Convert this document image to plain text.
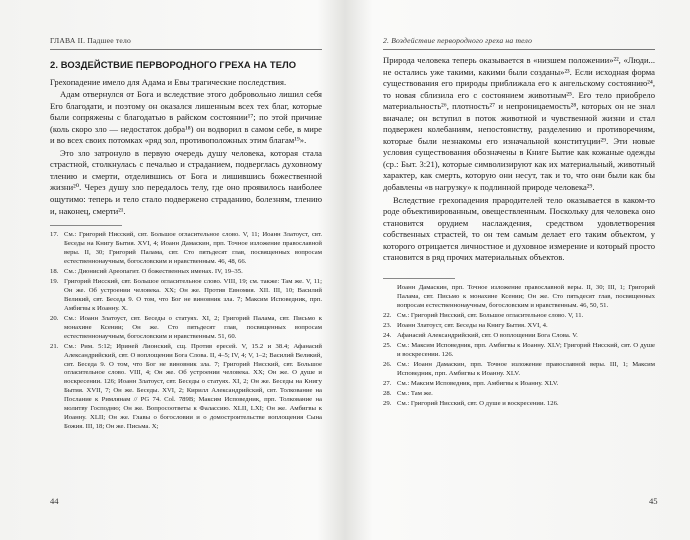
ГЛАВА II. Падшее тело
2. ВОЗДЕЙСТВИЕ ПЕРВОРОДНОГО ГРЕХА НА ТЕЛО

Грехопадение имело для Адама и Евы трагические последствия.

Адам отвернулся от Бога и вследствие этого добровольно лишил себя Его благодати, и поэтому он оказался лишенным всех тех благ, которые были сопряжены с благодатью в райском состоянии¹⁷; по этой причине (коль скоро зло — недостаток добра¹⁸) он водворил в самом себе, в мире и во всех своих потомках «ряд зол, противоположных этим благам¹⁹».

Это зло затронуло в первую очередь душу человека, которая стала страстной, столкнулась с печалью и страданием, подверглась духовному тлению и смерти, отделившись от Бога и лишившись божественной жизни²⁰. Через душу зло передалось телу, где оно проявилось наиболее ощутимо: теперь и тело стало подвержено страданию, болезням, тлению и, наконец, смерти²¹.

17. См.: Григорий Нисский, свт. Большое огласительное слово. V, 11; Иоанн Златоуст, свт. Беседы на Книгу Бытия. XVI, 4; Иоанн Дамаскин, прп. Точное изложение православной веры. II, 30; Григорий Палама, свт. Сто пятьдесят глав, посвященных вопросам естественнонаучным, богословским и нравственным. 46, 48, 66.
18. См.: Дионисий Ареопагит. О божественных именах. IV, 19–35.
19. Григорий Нисский, свт. Большое огласительное слово. VIII, 19; см. также: Там же. V, 11; Он же. Об устроении человека. XX; Он же. Против Евномия. XII. III, 10; Василий Великий, свт. Беседа 9. О том, что Бог не виновник зла. 7; Максим Исповедник, прп. Амбигвы к Иоанну. X.
20. См.: Иоанн Златоуст, свт. Беседы о статуях. XI, 2; Григорий Палама, свт. Письмо к монахине Ксении; Он же. Сто пятьдесят глав, посвященных вопросам естественнонаучным, богословским и нравственным. 51, 60.
21. См.: Рим. 5:12; Ириней Лионский, сщ. Против ересей. V, 15.2 и 38.4; Афанасий Александрийский, свт. О воплощении Бога Слова. II, 4–5; IV, 4; V, 1–2; Василий Великий, свт. Беседа 9. О том, что Бог не виновник зла. 7; Григорий Нисский, свт. Большое огласительное слово. VIII, 4; Он же. Об устроении человека. XX; Он же. О душе и воскресении. 126; Иоанн Златоуст, свт. Беседы о статуях. XI, 2; Он же. Беседы на Книгу Бытия. XVII, 7; Он же. Беседы. XVI, 2; Кирилл Александрийский, свт. Толкование на Послание к Римлянам // PG 74. Col. 789B; Максим Исповедник, прп. Толкование на молитву Господню; Он же. Вопросоответы к Фалассию. XLII, LXI; Он же. Амбигвы к Иоанну. XLII; Он же. Главы о богословии и о домостроительстве воплощения Сына Божия. III, 18; Он же. Письма. X;
44
2. Воздействие первородного греха на тело

Природа человека теперь оказывается в «низшем положении»²², «Люди... не остались уже такими, какими были созданы»²³. Если исходная форма существования его природы приближала его к ангельскому состоянию²⁴, то новая сблизила его с состоянием животным²⁵. Его тело приобрело материальность²⁶, плотность²⁷ и непроницаемость²⁸, которых он не знал вначале; он вступил в поток животной и чувственной жизни и стал подвержен колебаниям, непостоянству, разделению и противоречиям, которые были незнакомы его изначальной конституции²⁹. Эти новые условия существования обозначены в Книге Бытие как кожаные одежды (ср.: Быт. 3:21), которые символизируют как их материальный, животный характер, как смерть, которую они несут, так и то, что они были как бы добавлены «в нагрузку» к подлинной природе человека²⁹.

Вследствие грехопадения прародителей тело оказывается в каком-то роде объективированным, овеществленным. Поскольку для человека оно становится орудием наслаждения, средством удовлетворения собственных страстей, то он тем самым делает его таким объектом, у которого отрицается личностное и духовное измерение и который просто становится в ряд прочих материальных объектов.

Иоанн Дамаскин, прп. Точное изложение православной веры. II, 30; III, 1; Григорий Палама, свт. Письмо к монахине Ксении; Он же. Сто пятьдесят глав, посвященных вопросам естественнонаучным, богословским и нравственным. 46, 50, 51.
22. См.: Григорий Нисский, свт. Большое огласительное слово. V, 11.
23. Иоанн Златоуст, свт. Беседы на Книгу Бытия. XVI, 4.
24. Афанасий Александрийский, свт. О воплощении Бога Слова. V.
25. См.: Максим Исповедник, прп. Амбигвы к Иоанну. XLV; Григорий Нисский, свт. О душе и воскресении. 126.
26. См.: Иоанн Дамаскин, прп. Точное изложение православной веры. III, 1; Максим Исповедник, прп. Амбигвы к Иоанну. XLV.
27. См.: Максим Исповедник, прп. Амбигвы к Иоанну. XLV.
28. См.: Там же.
29. См.: Григорий Нисский, свт. О душе и воскресении. 126.
45
